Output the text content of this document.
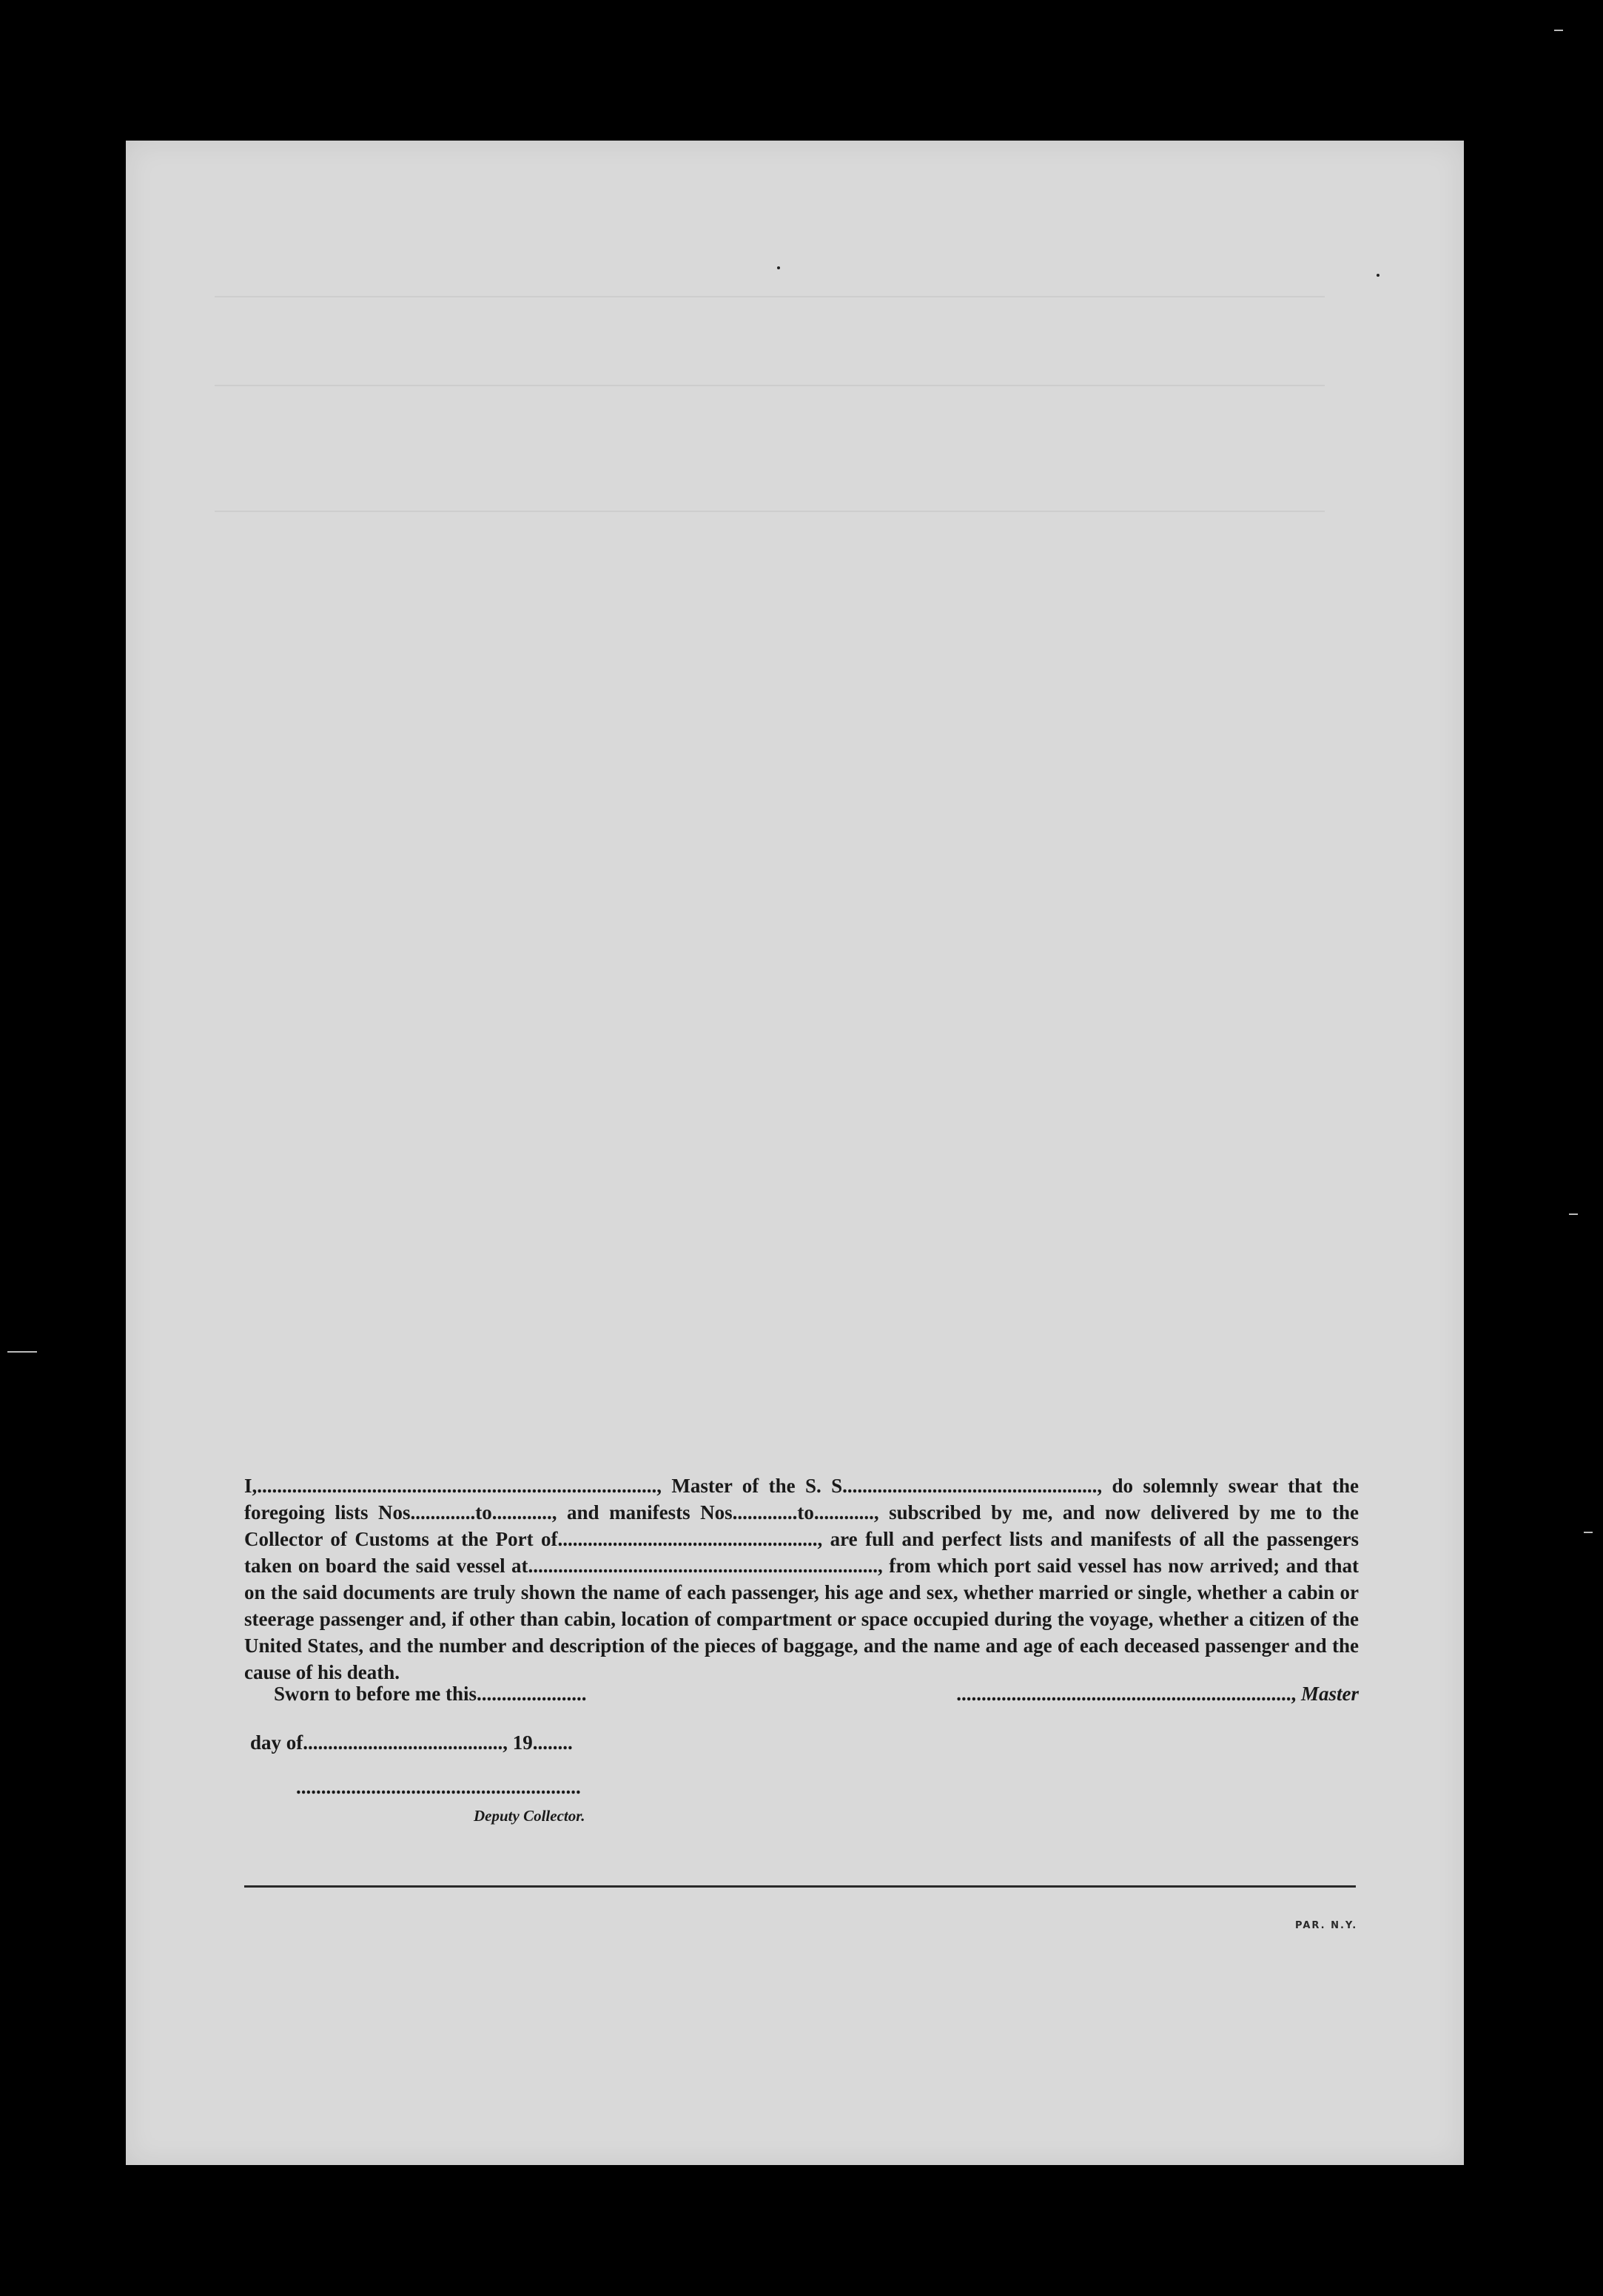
I,................................................................................, Master of the S. S..................................................., do solemnly swear that the foregoing lists Nos.............to............, and manifests Nos.............to............, subscribed by me, and now delivered by me to the Collector of Customs at the Port of...................................................., are full and perfect lists and manifests of all the passengers taken on board the said vessel at......................................................................, from which port said vessel has now arrived; and that on the said documents are truly shown the name of each passenger, his age and sex, whether married or single, whether a cabin or steerage passenger and, if other than cabin, location of compartment or space occupied during the voyage, whether a citizen of the United States, and the number and description of the pieces of baggage, and the name and age of each deceased passenger and the cause of his death.

Sworn to before me this......................	..................................................................., Master
day of........................................, 19........
.........................................................
Deputy Collector.
PAR. N.Y.
